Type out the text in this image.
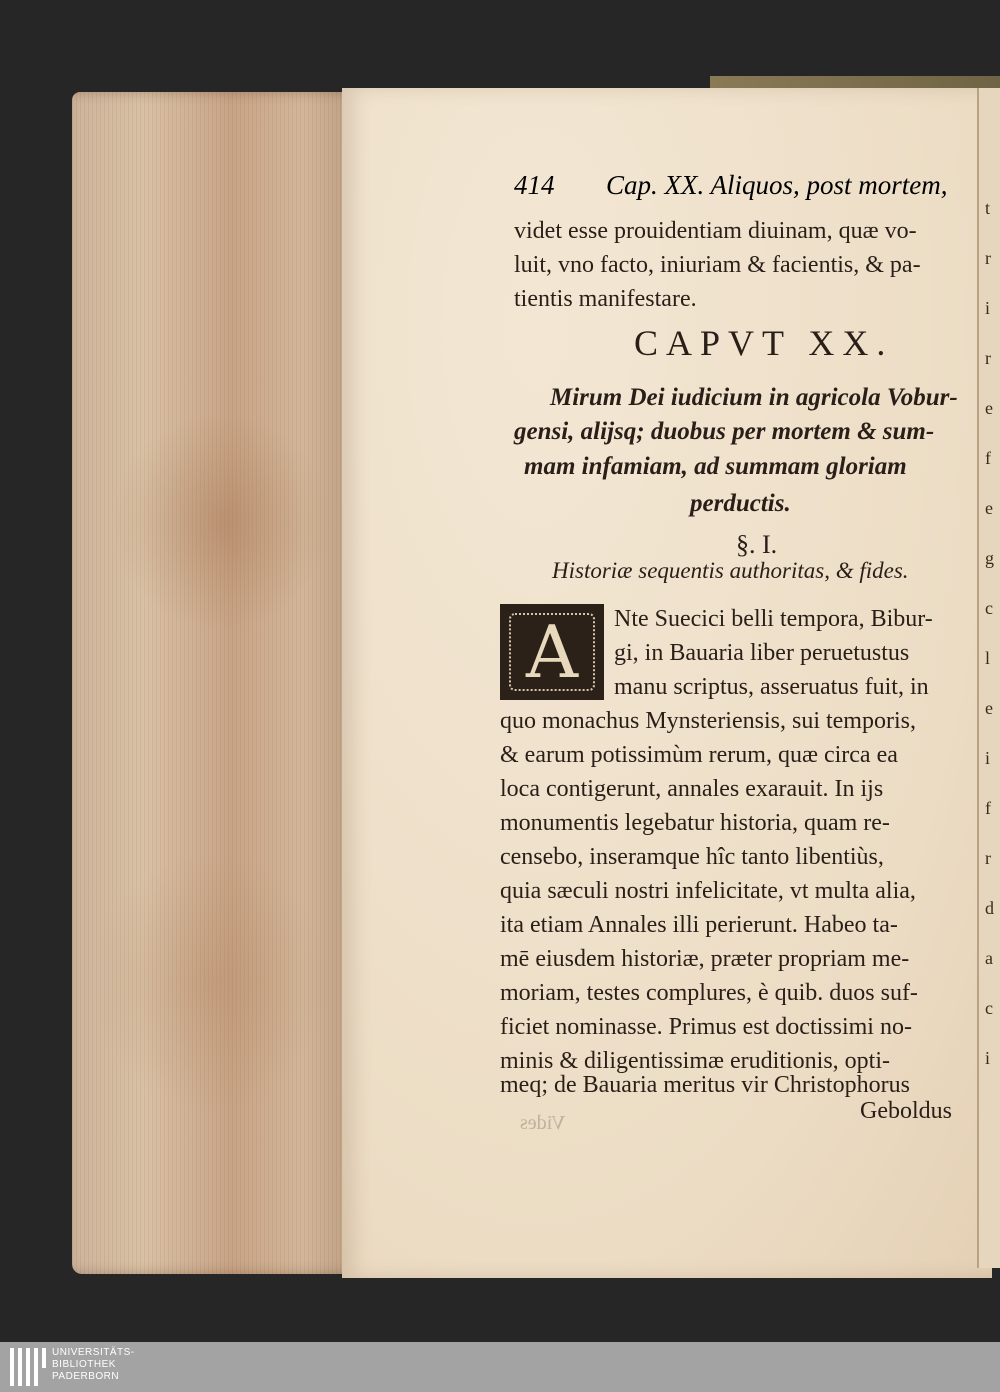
t
r
i
r
e
f
e
g
c
l
e
i
f
r
d
a
c
i
414 Cap. XX. Aliquos, post mortem,
videt esse prouidentiam diuinam, quæ vo-
luit, vno facto, iniuriam & facientis, & pa-
tientis manifestare.
CAPVT XX.
Mirum Dei iudicium in agricola Vobur-
gensi, alijsq; duobus per mortem & sum-
mam infamiam, ad summam gloriam
perductis.
§. I.
Historiæ sequentis authoritas, & fides.
A	Nte Suecici belli tempora, Bibur-
gi, in Bauaria liber peruetustus
manu scriptus, asseruatus fuit, in
quo monachus Mynsteriensis, sui temporis,
& earum potissimùm rerum, quæ circa ea
loca contigerunt, annales exarauit. In ijs
monumentis legebatur historia, quam re-
censebo, inseramque hîc tanto libentiùs,
quia sæculi nostri infelicitate, vt multa alia,
ita etiam Annales illi perierunt. Habeo ta-
mē eiusdem historiæ, præter propriam me-
moriam, testes complures, è quib. duos suf-
ficiet nominasse. Primus est doctissimi no-
minis & diligentissimæ eruditionis, opti-
meq; de Bauaria meritus vir Christophorus
Geboldus
Vides
UNIVERSITÄTS-
BIBLIOTHEK
PADERBORN
